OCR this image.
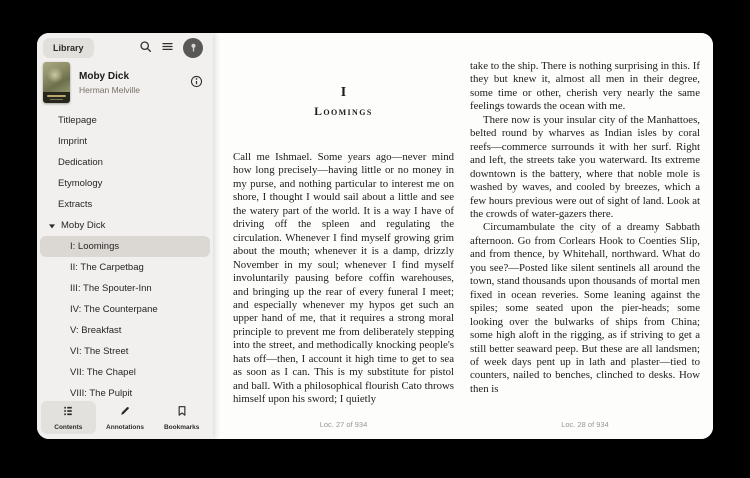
Library
Moby Dick
Herman Melville
Titlepage
Imprint
Dedication
Etymology
Extracts
Moby Dick
I: Loomings
II: The Carpetbag
III: The Spouter-Inn
IV: The Counterpane
V: Breakfast
VI: The Street
VII: The Chapel
VIII: The Pulpit
Contents	Annotations	Bookmarks
I
Loomings

Call me Ishmael. Some years ago—never mind how long precisely—having little or no money in my purse, and nothing particular to interest me on shore, I thought I would sail about a little and see the watery part of the world. It is a way I have of driving off the spleen and regulating the circulation. Whenever I find myself growing grim about the mouth; whenever it is a damp, drizzly November in my soul; whenever I find myself involuntarily pausing before coffin warehouses, and bringing up the rear of every funeral I meet; and especially whenever my hypos get such an upper hand of me, that it requires a strong moral principle to prevent me from deliberately stepping into the street, and methodically knocking people's hats off—then, I account it high time to get to sea as soon as I can. This is my substitute for pistol and ball. With a philosophical flourish Cato throws himself upon his sword; I quietly

take to the ship. There is nothing surprising in this. If they but knew it, almost all men in their degree, some time or other, cherish very nearly the same feelings towards the ocean with me.

There now is your insular city of the Manhattoes, belted round by wharves as Indian isles by coral reefs—commerce surrounds it with her surf. Right and left, the streets take you waterward. Its extreme downtown is the battery, where that noble mole is washed by waves, and cooled by breezes, which a few hours previous were out of sight of land. Look at the crowds of water-gazers there.

Circumambulate the city of a dreamy Sabbath afternoon. Go from Corlears Hook to Coenties Slip, and from thence, by Whitehall, northward. What do you see?—Posted like silent sentinels all around the town, stand thousands upon thousands of mortal men fixed in ocean reveries. Some leaning against the spiles; some seated upon the pier-heads; some looking over the bulwarks of ships from China; some high aloft in the rigging, as if striving to get a still better seaward peep. But these are all landsmen; of week days pent up in lath and plaster—tied to counters, nailed to benches, clinched to desks. How then is

Loc. 27 of 934	Loc. 28 of 934
